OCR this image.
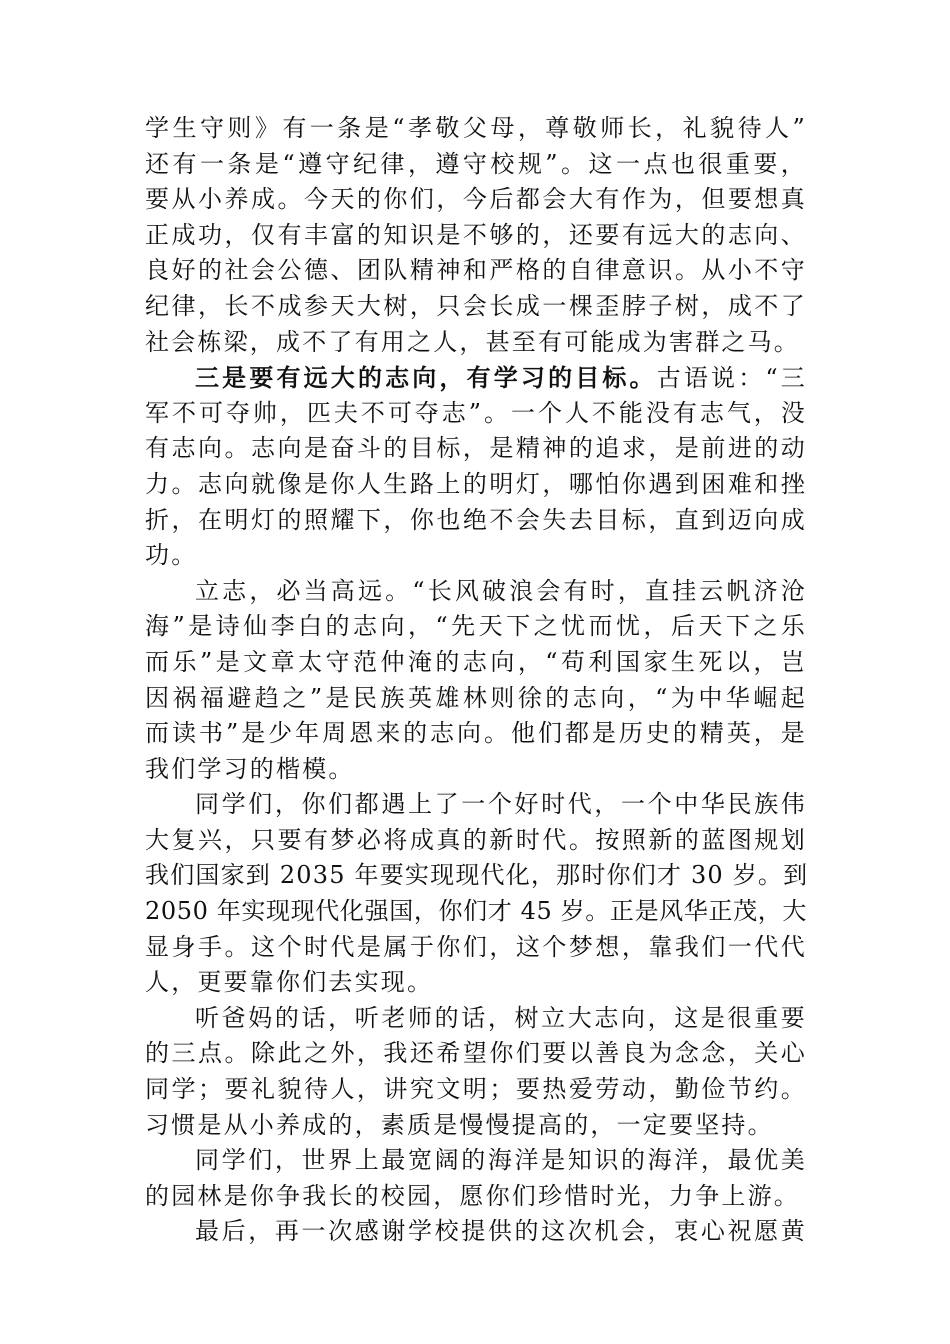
学生守则》有一条是“孝敬父母，尊敬师长，礼貌待人”
还有一条是“遵守纪律，遵守校规”。这一点也很重要，
要从小养成。今天的你们，今后都会大有作为，但要想真
正成功，仅有丰富的知识是不够的，还要有远大的志向、
良好的社会公德、团队精神和严格的自律意识。从小不守
纪律，长不成参天大树，只会长成一棵歪脖子树，成不了
社会栋梁，成不了有用之人，甚至有可能成为害群之马。
三是要有远大的志向，有学习的目标。古语说：“三
军不可夺帅，匹夫不可夺志”。一个人不能没有志气，没
有志向。志向是奋斗的目标，是精神的追求，是前进的动
力。志向就像是你人生路上的明灯，哪怕你遇到困难和挫
折，在明灯的照耀下，你也绝不会失去目标，直到迈向成
功。
立志，必当高远。“长风破浪会有时，直挂云帆济沧
海”是诗仙李白的志向，“先天下之忧而忧，后天下之乐
而乐”是文章太守范仲淹的志向，“苟利国家生死以，岂
因祸福避趋之”是民族英雄林则徐的志向，“为中华崛起
而读书”是少年周恩来的志向。他们都是历史的精英，是
我们学习的楷模。
同学们，你们都遇上了一个好时代，一个中华民族伟
大复兴，只要有梦必将成真的新时代。按照新的蓝图规划
我们国家到 2035 年要实现现代化，那时你们才 30 岁。到
2050 年实现现代化强国，你们才 45 岁。正是风华正茂，大
显身手。这个时代是属于你们，这个梦想，靠我们一代代
人，更要靠你们去实现。
听爸妈的话，听老师的话，树立大志向，这是很重要
的三点。除此之外，我还希望你们要以善良为念念，关心
同学；要礼貌待人，讲究文明；要热爱劳动，勤俭节约。
习惯是从小养成的，素质是慢慢提高的，一定要坚持。
同学们，世界上最宽阔的海洋是知识的海洋，最优美
的园林是你争我长的校园，愿你们珍惜时光，力争上游。
最后，再一次感谢学校提供的这次机会，衷心祝愿黄
